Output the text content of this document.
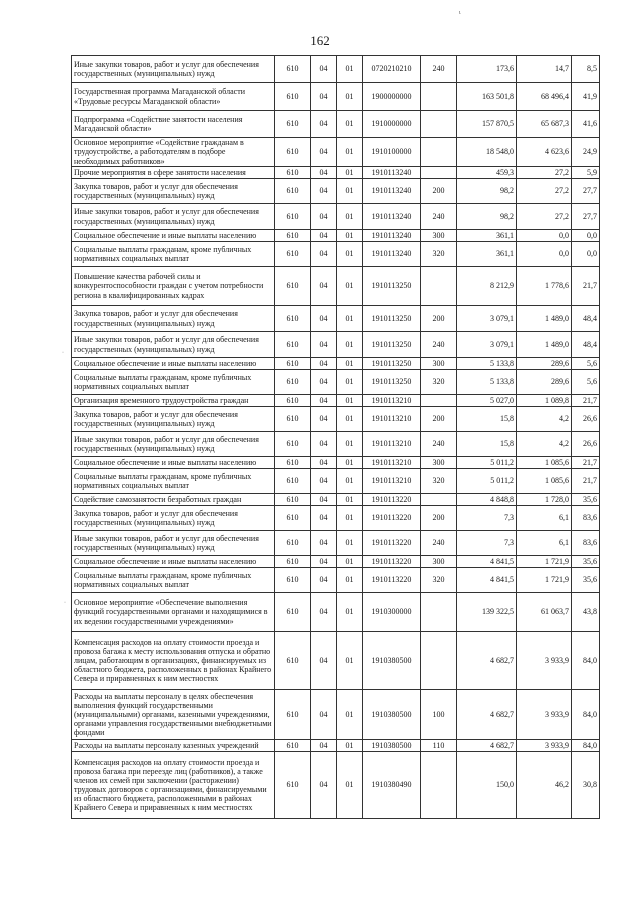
ι
·
·
162
Иные закупки товаров, работ и услуг для обеспечения государственных (муниципальных) нужд	610	04	01	0720210210	240	173,6	14,7	8,5
Государственная программа Магаданской области «Трудовые ресурсы Магаданской области»	610	04	01	1900000000		163 501,8	68 496,4	41,9
Подпрограмма «Содействие занятости населения Магаданской области»	610	04	01	1910000000		157 870,5	65 687,3	41,6
Основное мероприятие «Содействие гражданам в трудоустройстве, а работодателям в подборе необходимых работников»	610	04	01	1910100000		18 548,0	4 623,6	24,9
Прочие мероприятия в сфере занятости населения	610	04	01	1910113240		459,3	27,2	5,9
Закупка товаров, работ и услуг для обеспечения государственных (муниципальных) нужд	610	04	01	1910113240	200	98,2	27,2	27,7
Иные закупки товаров, работ и услуг для обеспечения государственных (муниципальных) нужд	610	04	01	1910113240	240	98,2	27,2	27,7
Социальное обеспечение и иные выплаты населению	610	04	01	1910113240	300	361,1	0,0	0,0
Социальные выплаты гражданам, кроме публичных нормативных социальных выплат	610	04	01	1910113240	320	361,1	0,0	0,0
Повышение качества рабочей силы и конкурентоспособности граждан с учетом потребности региона в квалифицированных кадрах	610	04	01	1910113250		8 212,9	1 778,6	21,7
Закупка товаров, работ и услуг для обеспечения государственных (муниципальных) нужд	610	04	01	1910113250	200	3 079,1	1 489,0	48,4
Иные закупки товаров, работ и услуг для обеспечения государственных (муниципальных) нужд	610	04	01	1910113250	240	3 079,1	1 489,0	48,4
Социальное обеспечение и иные выплаты населению	610	04	01	1910113250	300	5 133,8	289,6	5,6
Социальные выплаты гражданам, кроме публичных нормативных социальных выплат	610	04	01	1910113250	320	5 133,8	289,6	5,6
Организация временного трудоустройства граждан	610	04	01	1910113210		5 027,0	1 089,8	21,7
Закупка товаров, работ и услуг для обеспечения государственных (муниципальных) нужд	610	04	01	1910113210	200	15,8	4,2	26,6
Иные закупки товаров, работ и услуг для обеспечения государственных (муниципальных) нужд	610	04	01	1910113210	240	15,8	4,2	26,6
Социальное обеспечение и иные выплаты населению	610	04	01	1910113210	300	5 011,2	1 085,6	21,7
Социальные выплаты гражданам, кроме публичных нормативных социальных выплат	610	04	01	1910113210	320	5 011,2	1 085,6	21,7
Содействие самозанятости безработных граждан	610	04	01	1910113220		4 848,8	1 728,0	35,6
Закупка товаров, работ и услуг для обеспечения государственных (муниципальных) нужд	610	04	01	1910113220	200	7,3	6,1	83,6
Иные закупки товаров, работ и услуг для обеспечения государственных (муниципальных) нужд	610	04	01	1910113220	240	7,3	6,1	83,6
Социальное обеспечение и иные выплаты населению	610	04	01	1910113220	300	4 841,5	1 721,9	35,6
Социальные выплаты гражданам, кроме публичных нормативных социальных выплат	610	04	01	1910113220	320	4 841,5	1 721,9	35,6
Основное мероприятие «Обеспечение выполнения функций государственными органами и находящимися в их ведении государственными учреждениями»	610	04	01	1910300000		139 322,5	61 063,7	43,8
Компенсация расходов на оплату стоимости проезда и провоза багажа к месту использования отпуска и обратно лицам, работающим в организациях, финансируемых из областного бюджета, расположенных в районах Крайнего Севера и приравненных к ним местностях	610	04	01	1910380500		4 682,7	3 933,9	84,0
Расходы на выплаты персоналу в целях обеспечения выполнения функций государственными (муниципальными) органами, казенными учреждениями, органами управления государственными внебюджетными фондами	610	04	01	1910380500	100	4 682,7	3 933,9	84,0
Расходы на выплаты персоналу казенных учреждений	610	04	01	1910380500	110	4 682,7	3 933,9	84,0
Компенсация расходов на оплату стоимости проезда и провоза багажа при переезде лиц (работников), а также членов их семей при заключении (расторжении) трудовых договоров с организациями, финансируемыми из областного бюджета, расположенными в районах Крайнего Севера и приравненных к ним местностях	610	04	01	1910380490		150,0	46,2	30,8
